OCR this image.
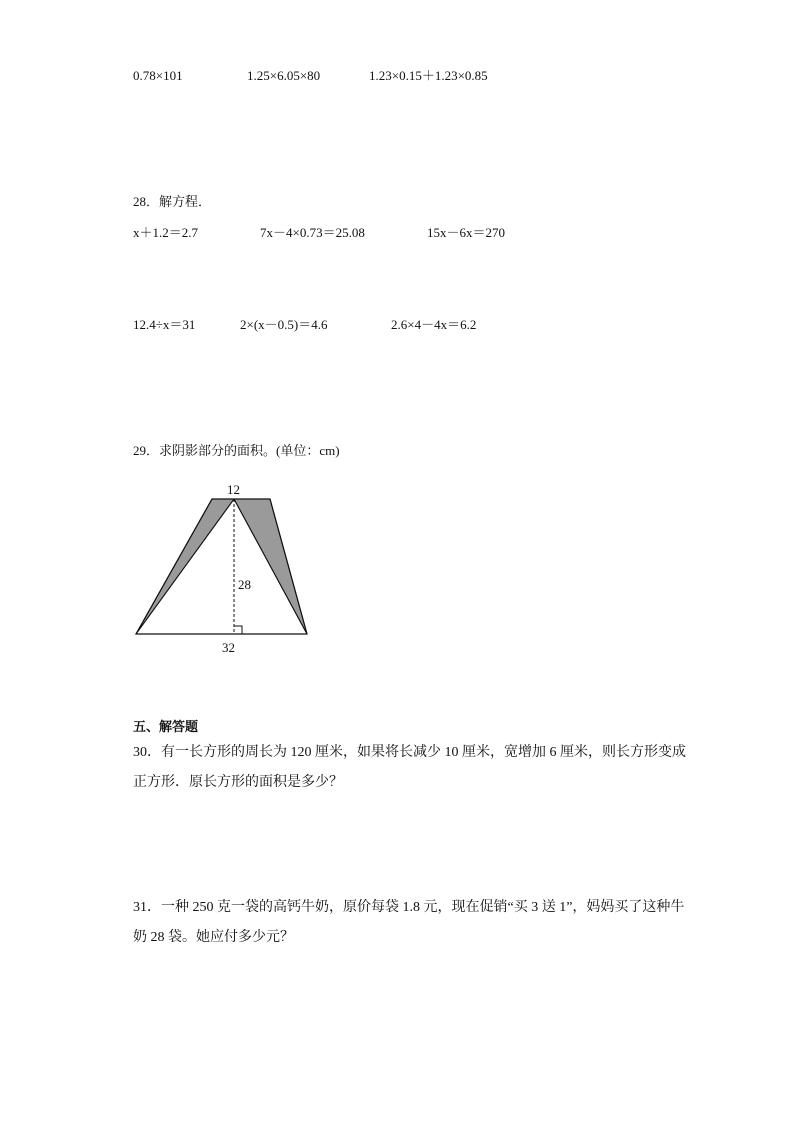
0.78×101	1.25×6.05×80	1.23×0.15＋1.23×0.85
28．解方程．
x＋1.2＝2.7	7x－4×0.73＝25.08	15x－6x＝270
12.4÷x＝31	2×(x－0.5)＝4.6	2.6×4－4x＝6.2
29．求阴影部分的面积。(单位：cm)
12
28
32
五、解答题
30．有一长方形的周长为 120 厘米，如果将长减少 10 厘米，宽增加 6 厘米，则长方形变成正方形．原长方形的面积是多少？
31．一种 250 克一袋的高钙牛奶，原价每袋 1.8 元，现在促销“买 3 送 1”，妈妈买了这种牛奶 28 袋。她应付多少元？
